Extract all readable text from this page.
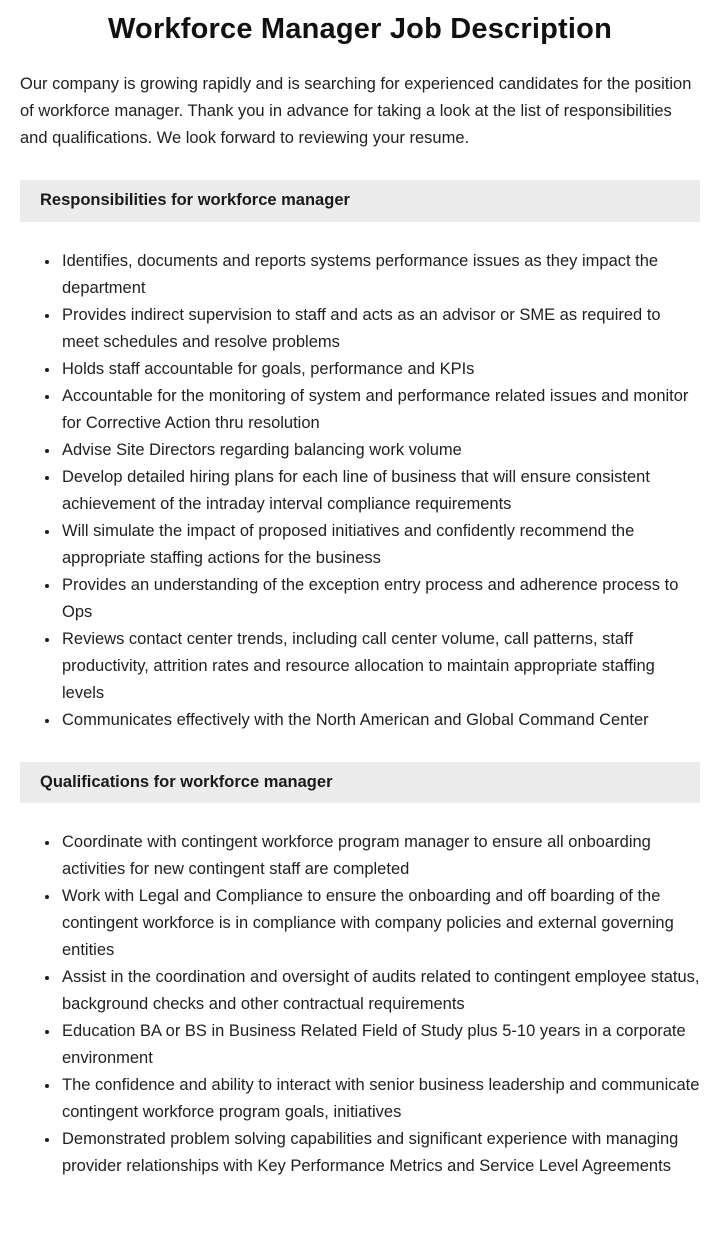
Workforce Manager Job Description

Our company is growing rapidly and is searching for experienced candidates for the position of workforce manager. Thank you in advance for taking a look at the list of responsibilities and qualifications. We look forward to reviewing your resume.

Responsibilities for workforce manager
• Identifies, documents and reports systems performance issues as they impact the department
• Provides indirect supervision to staff and acts as an advisor or SME as required to meet schedules and resolve problems
• Holds staff accountable for goals, performance and KPIs
• Accountable for the monitoring of system and performance related issues and monitor for Corrective Action thru resolution
• Advise Site Directors regarding balancing work volume
• Develop detailed hiring plans for each line of business that will ensure consistent achievement of the intraday interval compliance requirements
• Will simulate the impact of proposed initiatives and confidently recommend the appropriate staffing actions for the business
• Provides an understanding of the exception entry process and adherence process to Ops
• Reviews contact center trends, including call center volume, call patterns, staff productivity, attrition rates and resource allocation to maintain appropriate staffing levels
• Communicates effectively with the North American and Global Command Center
Qualifications for workforce manager
• Coordinate with contingent workforce program manager to ensure all onboarding activities for new contingent staff are completed
• Work with Legal and Compliance to ensure the onboarding and off boarding of the contingent workforce is in compliance with company policies and external governing entities
• Assist in the coordination and oversight of audits related to contingent employee status, background checks and other contractual requirements
• Education BA or BS in Business Related Field of Study plus 5-10 years in a corporate environment
• The confidence and ability to interact with senior business leadership and communicate contingent workforce program goals, initiatives
• Demonstrated problem solving capabilities and significant experience with managing provider relationships with Key Performance Metrics and Service Level Agreements
